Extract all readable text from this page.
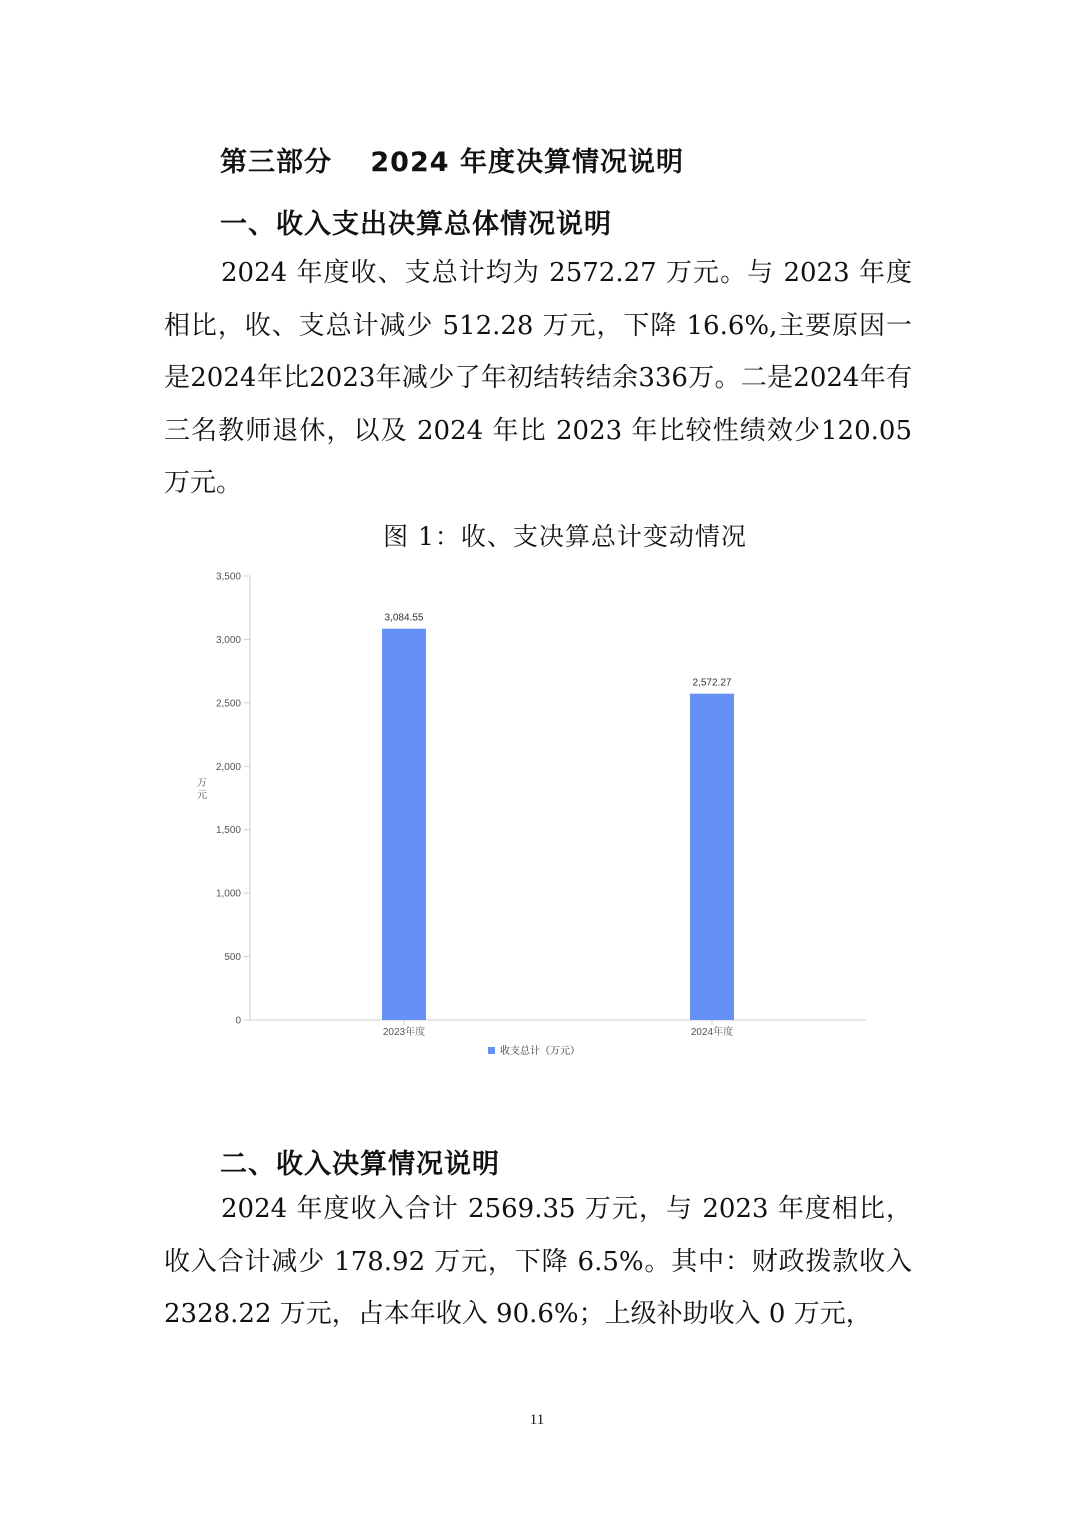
第三部分　 2024 年度决算情况说明
一、收入支出决算总体情况说明

2024 年度收、支总计均为 2572.27 万元。与 2023 年度相比，收、支总计减少 512.28 万元，下降 16.6%,主要原因一是2024年比2023年减少了年初结转结余336万。二是2024年有三名教师退休，以及 2024 年比 2023 年比较性绩效少120.05 万元。

图 1：收、支决算总计变动情况

0
500
1,000
1,500
2,000
2,500
3,000
3,500
万元
2023年度	2024年度
3,084.55
2,572.27
收支总计（万元）
二、收入决算情况说明

2024 年度收入合计 2569.35 万元，与 2023 年度相比，收入合计减少 178.92 万元，下降 6.5%。其中：财政拨款收入 2328.22 万元，占本年收入 90.6%；上级补助收入 0 万元，

11
